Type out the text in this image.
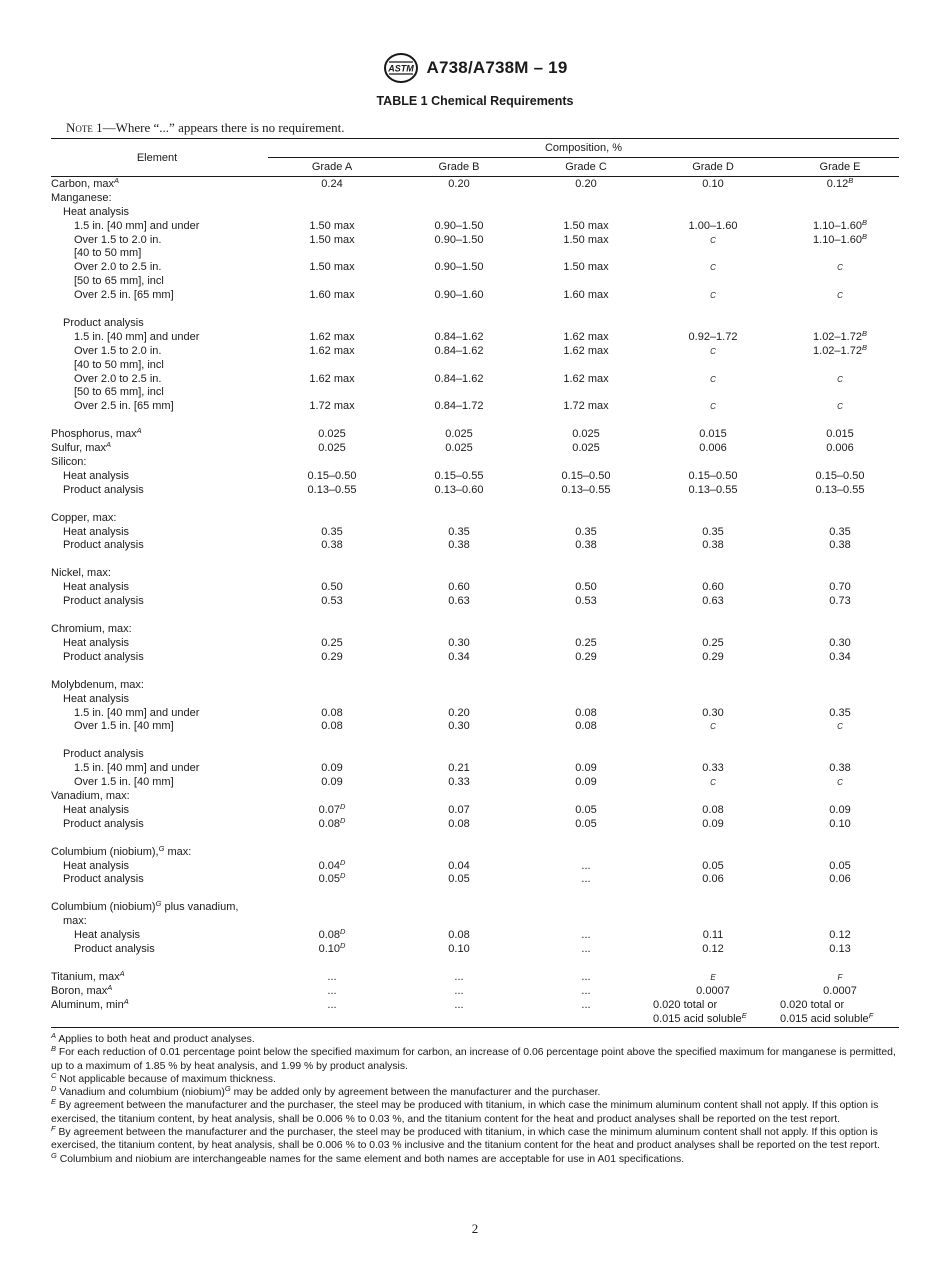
ASTM A738/A738M – 19
TABLE 1 Chemical Requirements
Note 1—Where “...” appears there is no requirement.
Element
Composition, %
Grade A	Grade B	Grade C	Grade D	Grade E
Carbon, $\max^A$	0.24	0.20	0.20	0.10	$0.12^B$
Manganese:
Heat analysis
1.5 in. [40 mm] and under	1.50 max	0.90–1.50	1.50 max	1.00–1.60	$1.10-1.60^B$
Over 1.5 to 2.0 in.	1.50 max	0.90–1.50	1.50 max	C	$1.10-1.60^B$
[40 to 50 mm]
Over 2.0 to 2.5 in.	1.50 max	0.90–1.50	1.50 max	C	C
[50 to 65 mm], incl
Over 2.5 in. [65 mm]	1.60 max	0.90–1.60	1.60 max	C	C
Product analysis
1.5 in. [40 mm] and under	1.62 max	0.84–1.62	1.62 max	0.92–1.72	$1.02-1.72^B$
Over 1.5 to 2.0 in.	1.62 max	0.84–1.62	1.62 max	C	$1.02-1.72^B$
[40 to 50 mm], incl
Over 2.0 to 2.5 in.	1.62 max	0.84–1.62	1.62 max	C	C
[50 to 65 mm], incl
Over 2.5 in. [65 mm]	1.72 max	0.84–1.72	1.72 max	C	C
Phosphorus, $\max^A$	0.025	0.025	0.025	0.015	0.015
Sulfur, $\max^A$	0.025	0.025	0.025	0.006	0.006
Silicon:
Heat analysis	0.15–0.50	0.15–0.55	0.15–0.50	0.15–0.50	0.15–0.50
Product analysis	0.13–0.55	0.13–0.60	0.13–0.55	0.13–0.55	0.13–0.55
Copper, max:
Heat analysis	0.35	0.35	0.35	0.35	0.35
Product analysis	0.38	0.38	0.38	0.38	0.38
Nickel, max:
Heat analysis	0.50	0.60	0.50	0.60	0.70
Product analysis	0.53	0.63	0.53	0.63	0.73
Chromium, max:
Heat analysis	0.25	0.30	0.25	0.25	0.30
Product analysis	0.29	0.34	0.29	0.29	0.34
Molybdenum, max:
Heat analysis
1.5 in. [40 mm] and under	0.08	0.20	0.08	0.30	0.35
Over 1.5 in. [40 mm]	0.08	0.30	0.08	C	C
Product analysis
1.5 in. [40 mm] and under	0.09	0.21	0.09	0.33	0.38
Over 1.5 in. [40 mm]	0.09	0.33	0.09	C	C
Vanadium, max:
Heat analysis	$0.07^D$	0.07	0.05	0.08	0.09
Product analysis	$0.08^D$	0.08	0.05	0.09	0.10
Columbium (niobium),$^G$ max:
Heat analysis	$0.04^D$	0.04	...	0.05	0.05
Product analysis	$0.05^D$	0.05	...	0.06	0.06
Columbium (niobium)$^G$ plus vanadium,
max:
Heat analysis	$0.08^D$	0.08	...	0.11	0.12
Product analysis	$0.10^D$	0.10	...	0.12	0.13
Titanium, $\max^A$	...	...	...	E	F
Boron, $\max^A$	...	...	...	0.0007	0.0007
Aluminum, $\min^A$	...	...	...	0.020 total or	0.020 total or
0.015 acid soluble$^E$	0.015 acid soluble$^F$

$^A$ Applies to both heat and product analyses.

$^B$ For each reduction of 0.01 percentage point below the specified maximum for carbon, an increase of 0.06 percentage point above the specified maximum for manganese is permitted, up to a maximum of 1.85 % by heat analysis, and 1.99 % by product analysis.

$^C$ Not applicable because of maximum thickness.

$^D$ Vanadium and columbium (niobium)$^G$ may be added only by agreement between the manufacturer and the purchaser.

$^E$ By agreement between the manufacturer and the purchaser, the steel may be produced with titanium, in which case the minimum aluminum content shall not apply. If this option is exercised, the titanium content, by heat analysis, shall be 0.006 % to 0.03 %, and the titanium content for the heat and product analyses shall be reported on the test report.

$^F$ By agreement between the manufacturer and the purchaser, the steel may be produced with titanium, in which case the minimum aluminum content shall not apply. If this option is exercised, the titanium content, by heat analysis, shall be 0.006 % to 0.03 % inclusive and the titanium content for the heat and product analyses shall be reported on the test report.

$^G$ Columbium and niobium are interchangeable names for the same element and both names are acceptable for use in A01 specifications.

2
